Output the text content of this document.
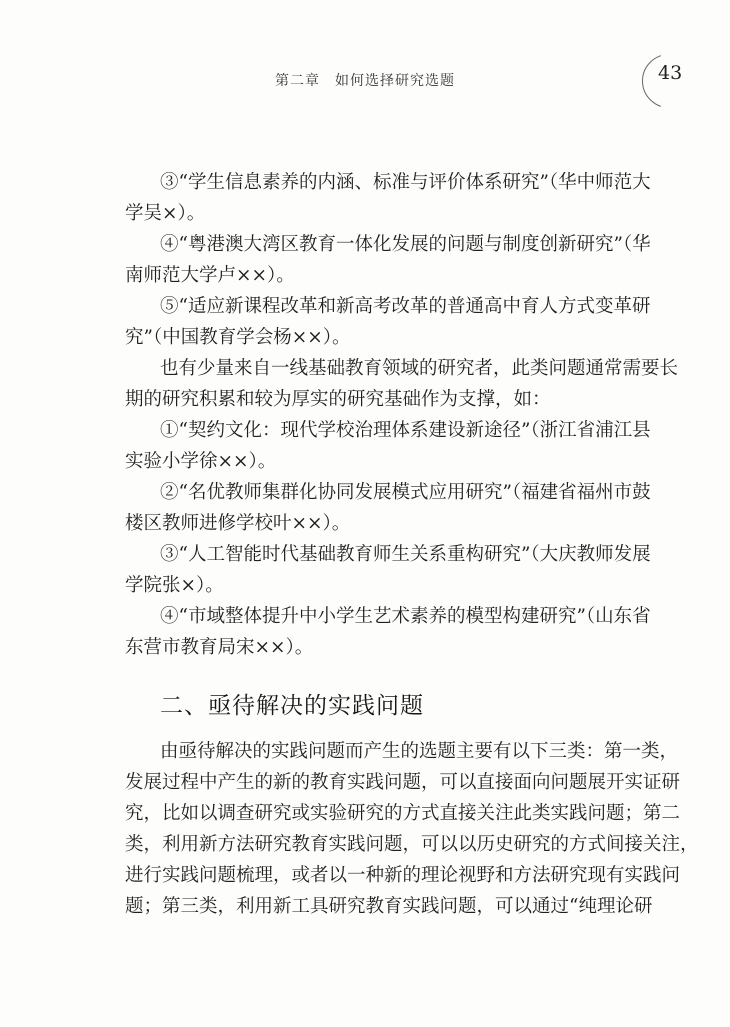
第二章　如何选择研究选题	43
③“学生信息素养的内涵、标准与评价体系研究”（华中师范大
学吴×）。
④“粤港澳大湾区教育一体化发展的问题与制度创新研究”（华
南师范大学卢××）。
⑤“适应新课程改革和新高考改革的普通高中育人方式变革研
究”（中国教育学会杨××）。
也有少量来自一线基础教育领域的研究者，此类问题通常需要长
期的研究积累和较为厚实的研究基础作为支撑，如：
①“契约文化：现代学校治理体系建设新途径”（浙江省浦江县
实验小学徐××）。
②“名优教师集群化协同发展模式应用研究”（福建省福州市鼓
楼区教师进修学校叶××）。
③“人工智能时代基础教育师生关系重构研究”（大庆教师发展
学院张×）。
④“市域整体提升中小学生艺术素养的模型构建研究”（山东省
东营市教育局宋××）。
二、亟待解决的实践问题
由亟待解决的实践问题而产生的选题主要有以下三类：第一类，
发展过程中产生的新的教育实践问题，可以直接面向问题展开实证研
究，比如以调查研究或实验研究的方式直接关注此类实践问题；第二
类，利用新方法研究教育实践问题，可以以历史研究的方式间接关注，
进行实践问题梳理，或者以一种新的理论视野和方法研究现有实践问
题；第三类，利用新工具研究教育实践问题，可以通过“纯理论研
